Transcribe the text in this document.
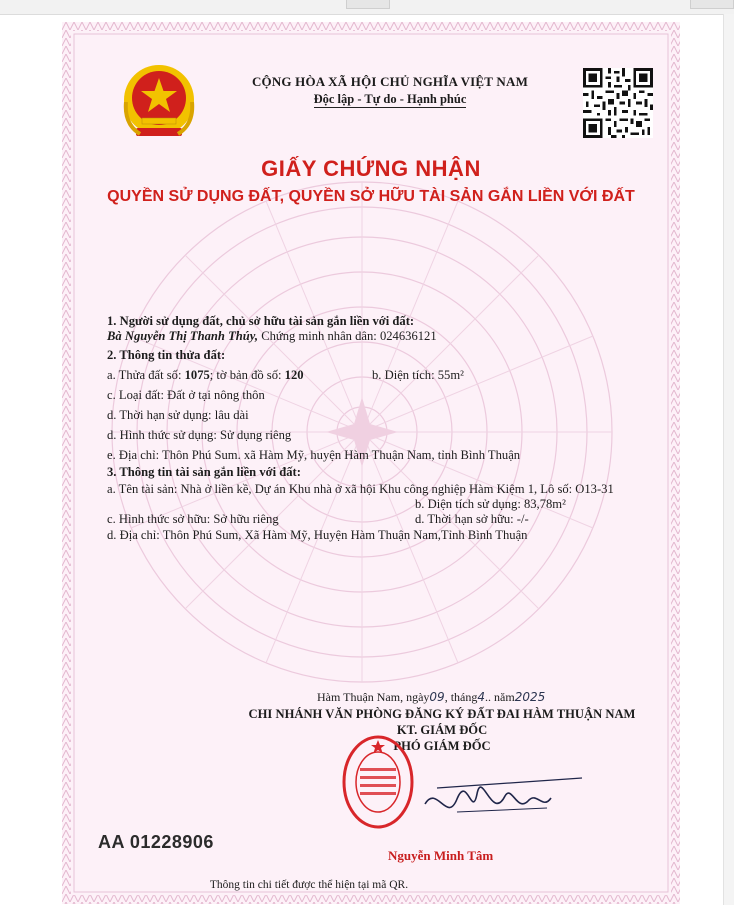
CỘNG HÒA XÃ HỘI CHỦ NGHĨA VIỆT NAM
Độc lập - Tự do - Hạnh phúc
GIẤY CHỨNG NHẬN
QUYỀN SỬ DỤNG ĐẤT, QUYỀN SỞ HỮU TÀI SẢN GẮN LIỀN VỚI ĐẤT
1. Người sử dụng đất, chủ sở hữu tài sản gắn liền với đất:
Bà Nguyễn Thị Thanh Thúy, Chứng minh nhân dân: 024636121
2. Thông tin thửa đất:
a. Thửa đất số: 1075; tờ bản đồ số: 120	b. Diện tích: 55m²
c. Loại đất: Đất ở tại nông thôn
d. Thời hạn sử dụng: lâu dài
d. Hình thức sử dụng: Sử dụng riêng
e. Địa chỉ: Thôn Phú Sum. xã Hàm Mỹ, huyện Hàm Thuận Nam, tỉnh Bình Thuận
3. Thông tin tài sản gắn liền với đất:
a. Tên tài sản: Nhà ở liền kề, Dự án Khu nhà ở xã hội Khu công nghiệp Hàm Kiệm 1, Lô số: O13-31
b. Diện tích sử dụng: 83,78m²
c. Hình thức sở hữu: Sở hữu riêng	d. Thời hạn sở hữu: -/-
d. Địa chỉ: Thôn Phú Sum, Xã Hàm Mỹ, Huyện Hàm Thuận Nam,Tỉnh Bình Thuận
Hàm Thuận Nam, ngày09, tháng4.. năm2025
CHI NHÁNH VĂN PHÒNG ĐĂNG KÝ ĐẤT ĐAI HÀM THUẬN NAM
KT. GIÁM ĐỐC
PHÓ GIÁM ĐỐC
AA 01228906
Nguyễn Minh Tâm
Thông tin chi tiết được thể hiện tại mã QR.
